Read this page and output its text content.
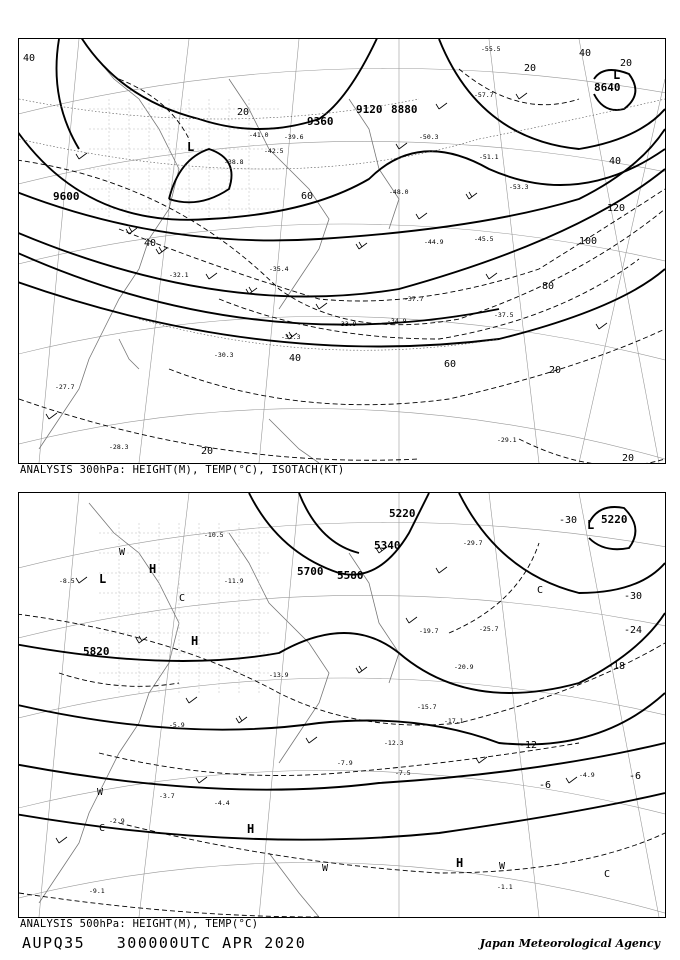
9600
9360
9120 8880
8640
20
40
60
80
100
120
40
20
40
20
40
60
20
40
20
20
L
L
-38.8
-41.0
-42.5
-39.6
-44.9	-45.5
-48.0
-50.3
-51.1
-53.3
-33.9	-34.9
-32.3
-37.7
-37.5
-27.7
-28.3
-29.1
-30.3
-32.1
-35.4
-57.7
-55.5
ANALYSIS 300hPa: HEIGHT(M), TEMP(°C), ISOTACH(KT)
5820
5700 5580
5340
5220	5220
-30
-30
-24
-18
-12
-6
-6
L
L
H
H
H
H
W
W
W	W
C
C
C
C
-8.5
-10.5
-11.9
-12.3
-15.7
-17.1
-19.7
-20.9
-25.7
-29.7
-5.9
-7.9
-4.4
-3.7
-4.9
-1.1
-7.5
-9.1
-2.9
-13.9
ANALYSIS 500hPa: HEIGHT(M), TEMP(°C)
AUPQ35 300000UTC APR 2020	Japan Meteorological Agency
